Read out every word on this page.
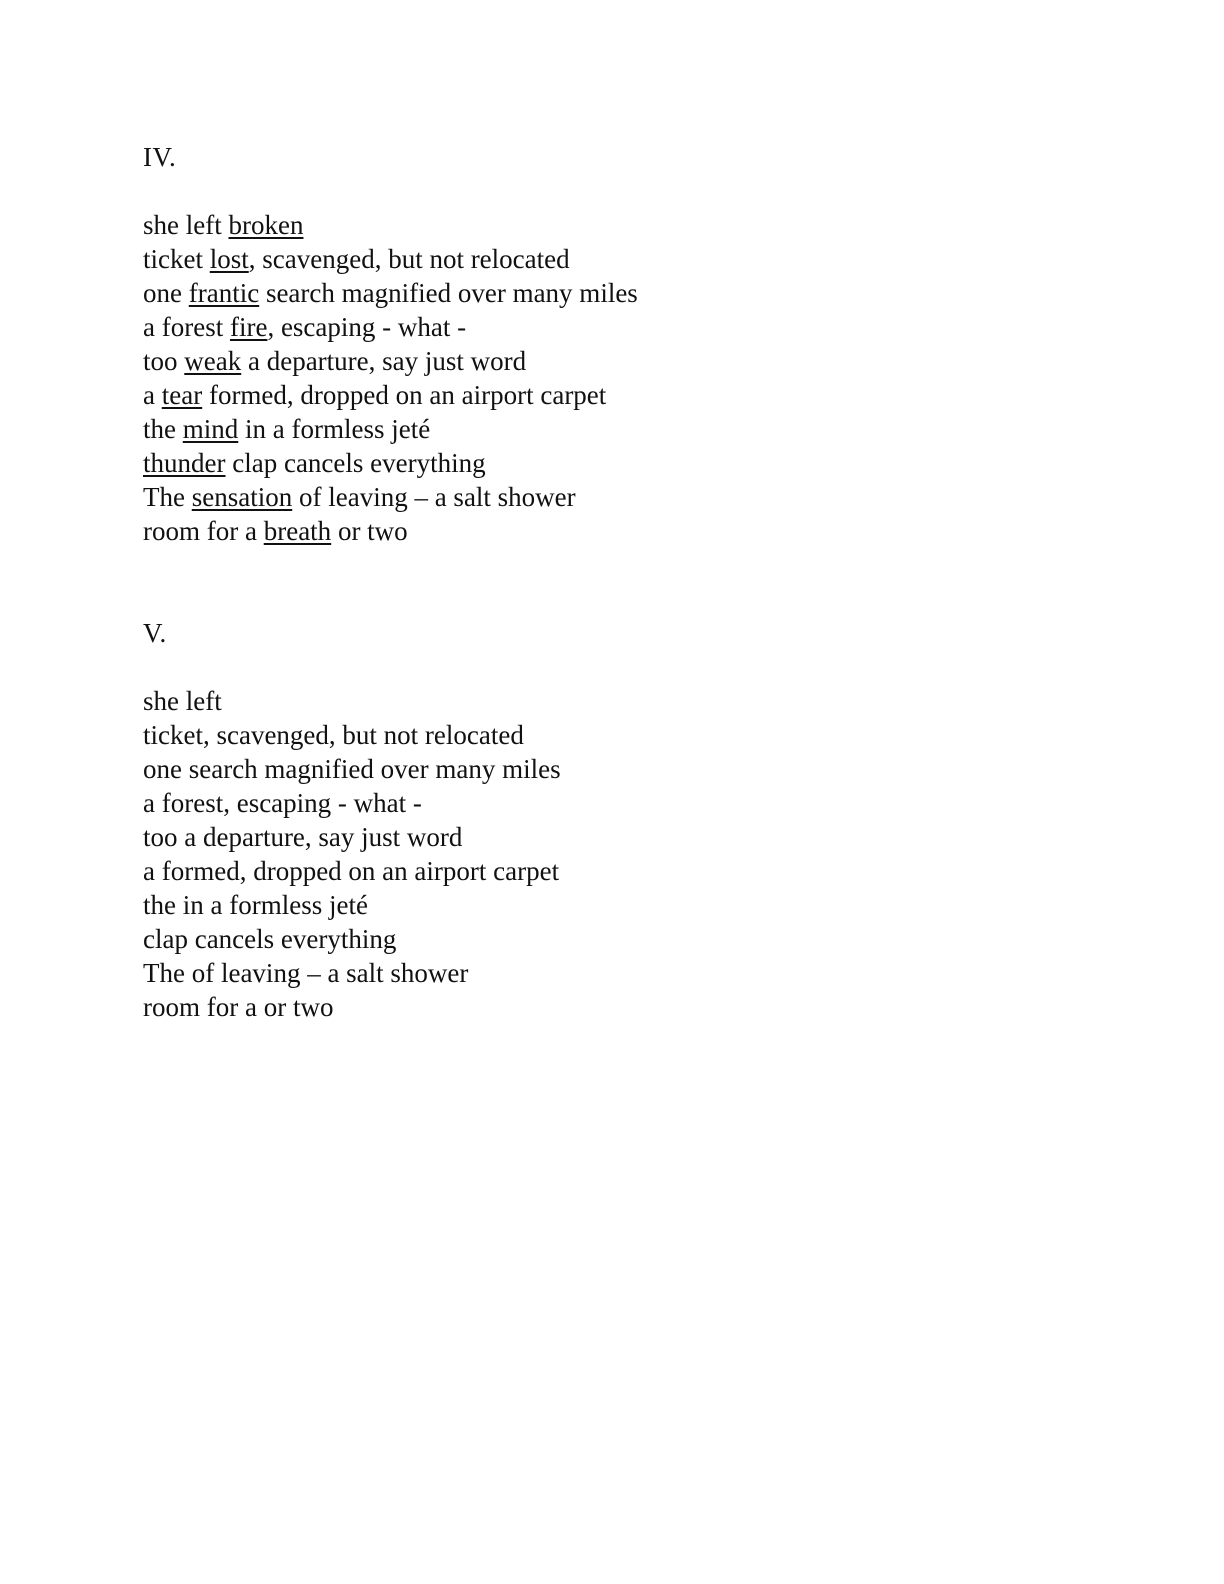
IV.
she left broken
ticket lost, scavenged, but not relocated
one frantic search magnified over many miles
a forest fire, escaping - what -
too weak a departure, say just word
a tear formed, dropped on an airport carpet
the mind in a formless jeté
thunder clap cancels everything
The sensation of leaving – a salt shower
room for a breath or two
V.
she left
ticket, scavenged, but not relocated
one search magnified over many miles
a forest, escaping - what -
too a departure, say just word
a formed, dropped on an airport carpet
the in a formless jeté
clap cancels everything
The of leaving – a salt shower
room for a or two
